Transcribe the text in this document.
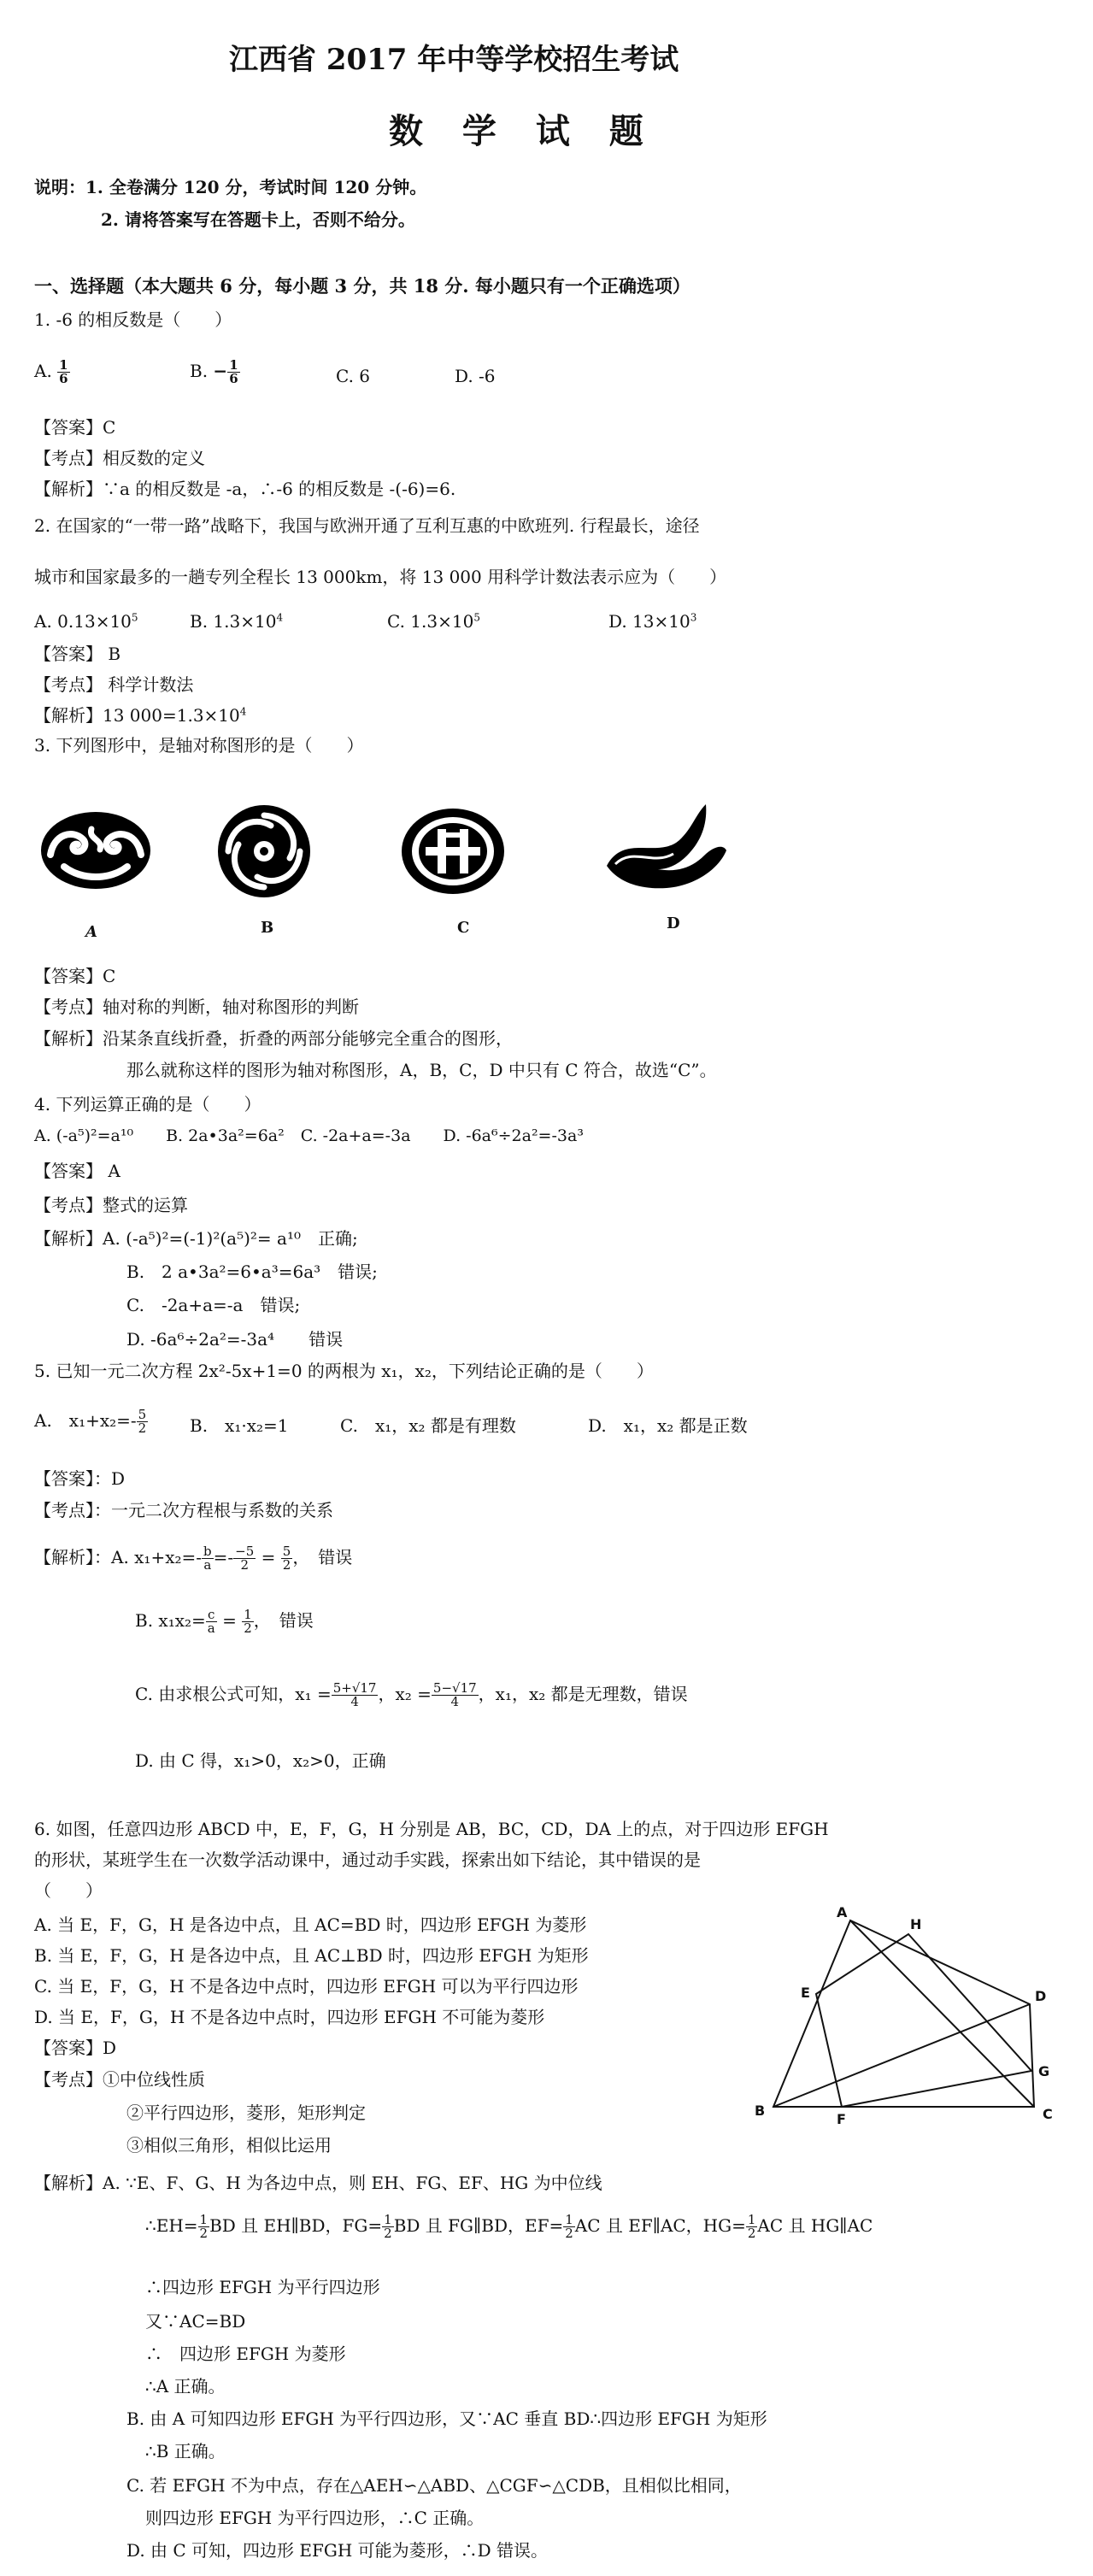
江西省 2017 年中等学校招生考试
数 学 试 题
说明： 1. 全卷满分 120 分，考试时间 120 分钟。
2. 请将答案写在答题卡上，否则不给分。
一、选择题（本大题共 6 分，每小题 3 分，共 18 分. 每小题只有一个正确选项）
1. -6 的相反数是（　　）
A. $\frac{1}{6}$	B. − $\frac{1}{6}$	C. 6	D. -6
【答案】C
【考点】相反数的定义
【解析】∵a 的相反数是 -a，∴-6 的相反数是 -(-6)=6.
2. 在国家的“一带一路”战略下，我国与欧洲开通了互利互惠的中欧班列. 行程最长，途径
城市和国家最多的一趟专列全程长 13 000km，将 13 000 用科学计数法表示应为（　　）
A. $0.13\times 10^5$	B. $1.3\times 10^4$	C. $1.3\times 10^5$	D. $13\times 10^3$
【答案】 B
【考点】 科学计数法
【解析】13 $000=1.3\times 10^4$
3. 下列图形中，是轴对称图形的是（　　）
A	B	C	D
【答案】C
【考点】轴对称的判断，轴对称图形的判断
【解析】沿某条直线折叠，折叠的两部分能够完全重合的图形，
那么就称这样的图形为轴对称图形，A，B，C，D 中只有 C 符合，故选“C”。
4. 下列运算正确的是（　　）
A. (-a⁵)²=a¹⁰　　B. 2a•3a²=6a²　C. -2a+a=-3a　　D. -6a⁶÷2a²=-3a³
【答案】 A
【考点】整式的运算
【解析】A. (-a⁵)²=(-1)²(a⁵)²= a¹⁰　正确;
B.　2 a•3a²=6•a³=6a³　错误;
C.　-2a+a=-a　错误;
D. -6a⁶÷2a²=-3a⁴　　错误
5. 已知一元二次方程 2x²-5x+1=0 的两根为 x₁，x₂，下列结论正确的是（　　）
A.　$x_1+x_2=- \frac{5}{2} B$.　x₁·x₂=1	C.　x₁，x₂ 都是有理数	D.　x₁，x₂ 都是正数
【答案】：D
【考点】：一元二次方程根与系数的关系
【解析】：A. $x_1+x_2=- \frac{b}{a} =- \frac{-5}{2} = \frac{5}{2}$ ，　错误
B. $x_1x_2= \frac{c}{a} = \frac{1}{2}$ ，　错误
C. 由求根公式可知，$x_1 = \frac{5+√17}{4}$ ，$x_2 = \frac{5-√17}{4}$ ，x₁，x₂ 都是无理数，错误
D. 由 C 得，x₁>0，x₂>0，正确
6. 如图，任意四边形 ABCD 中，E，F，G，H 分别是 AB，BC，CD，DA 上的点，对于四边形 EFGH
的形状，某班学生在一次数学活动课中，通过动手实践，探索出如下结论，其中错误的是
（　　）
A. 当 E，F，G，H 是各边中点，且 AC=BD 时，四边形 EFGH 为菱形
B. 当 E，F，G，H 是各边中点，且 AC⊥BD 时，四边形 EFGH 为矩形
C. 当 E，F，G，H 不是各边中点时，四边形 EFGH 可以为平行四边形
D. 当 E，F，G，H 不是各边中点时，四边形 EFGH 不可能为菱形
【答案】D
【考点】①中位线性质
②平行四边形，菱形，矩形判定
③相似三角形，相似比运用
A
H
E	D
G
B
F	C
【解析】A. ∵E、F、G、H 为各边中点，则 EH、FG、EF、HG 为中位线
∴EH= $\frac{1}{2}$ BD 且 EH∥BD，$FG= \frac{1}{2}$ BD 且 FG∥BD，$EF= \frac{1}{2}$ AC 且 EF∥AC，$HG= \frac{1}{2}$ AC 且 HG∥AC
∴四边形 EFGH 为平行四边形
又∵AC=BD
∴　四边形 EFGH 为菱形
∴A 正确。
B. 由 A 可知四边形 EFGH 为平行四边形，又∵AC 垂直 BD∴四边形 EFGH 为矩形
∴B 正确。
C. 若 EFGH 不为中点，存在△AEH∽△ABD、△CGF∽△CDB，且相似比相同，
则四边形 EFGH 为平行四边形，∴C 正确。
D. 由 C 可知，四边形 EFGH 可能为菱形，∴D 错误。
